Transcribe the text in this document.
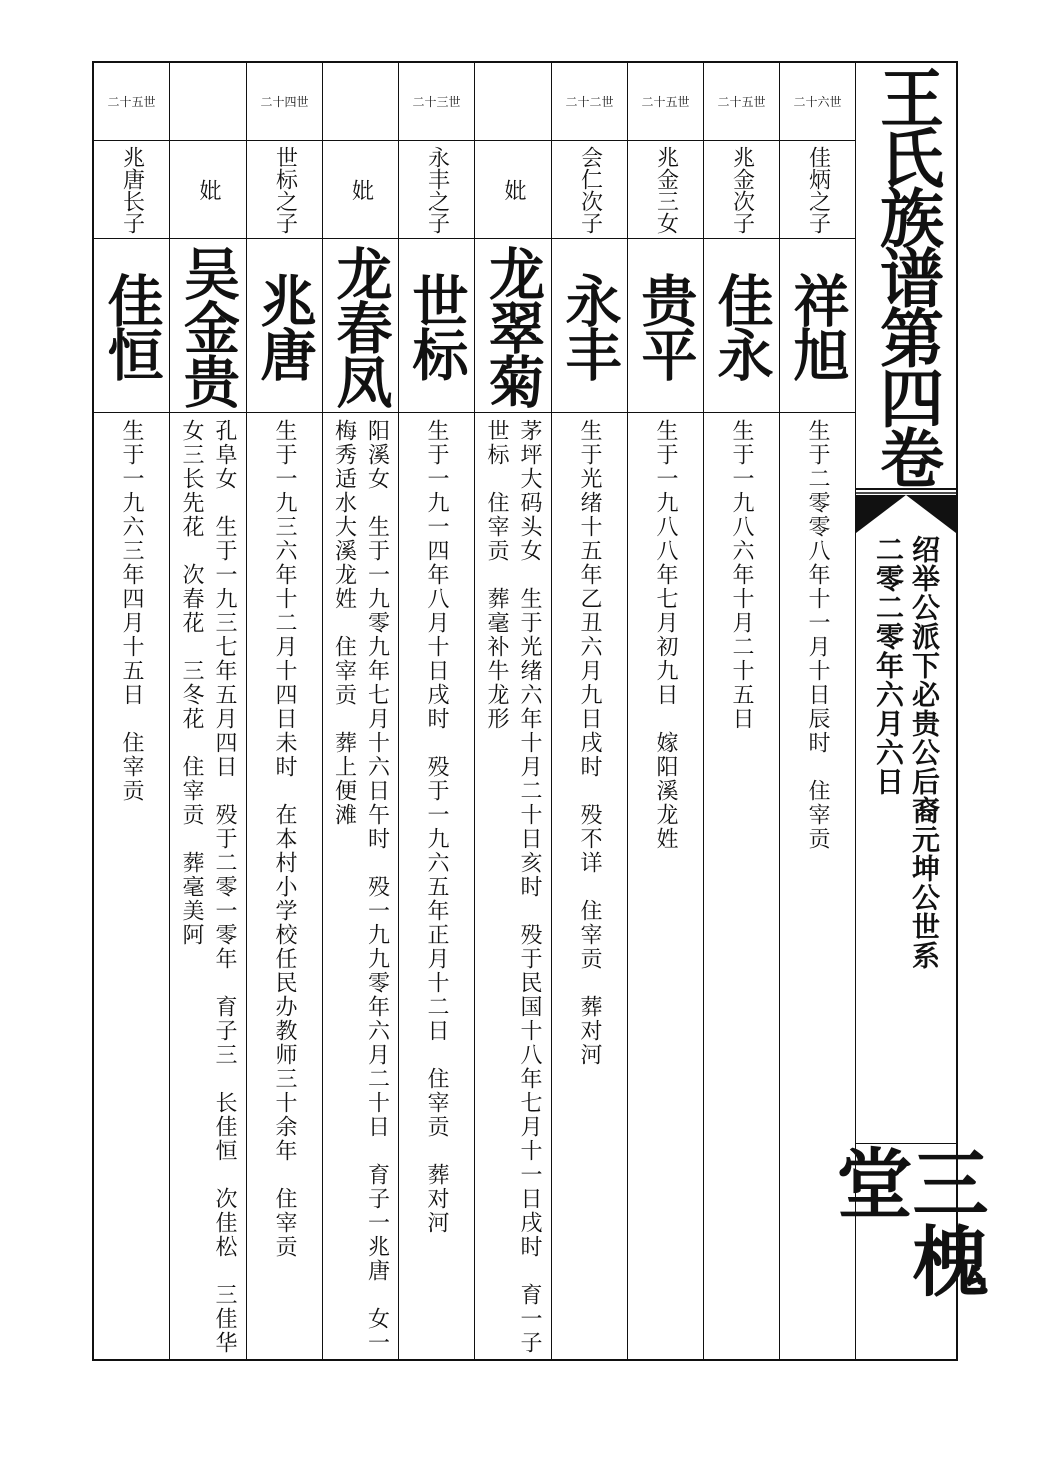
二十六世
佳炳之子
祥旭
生于二零零八年十一月十日辰时　住宰贡
二十五世
兆金次子
佳永
生于一九八六年十月二十五日
二十五世
兆金三女
贵平
生于一九八八年七月初九日　嫁阳溪龙姓
二十二世
会仁次子
永丰
生于光绪十五年乙丑六月九日戌时　殁不详　住宰贡　葬对河
妣
龙翠菊
茅坪大码头女　生于光绪六年十月二十日亥时　殁于民国十八年七月十一日戌时　育一子世标　住宰贡　葬毫补牛龙形
二十三世
永丰之子
世标
生于一九一四年八月十日戌时　殁于一九六五年正月十二日　住宰贡　葬对河
妣
龙春凤
阳溪女　生于一九零九年七月十六日午时　殁一九九零年六月二十日　育子一兆唐　女一梅秀适水大溪龙姓　住宰贡　葬上便滩
二十四世
世标之子
兆唐
生于一九三六年十二月十四日未时　在本村小学校任民办教师三十余年　住宰贡
妣
吴金贵
孔阜女　生于一九三七年五月四日　殁于二零一零年　育子三　长佳恒　次佳松　三佳华　女三长先花　次春花　三冬花　住宰贡　葬毫美阿
二十五世
兆唐长子
佳恒
生于一九六三年四月十五日　住宰贡
王氏族谱第四卷
绍举公派下必贵公后裔元坤公世系
二零二零年六月六日
三槐堂
